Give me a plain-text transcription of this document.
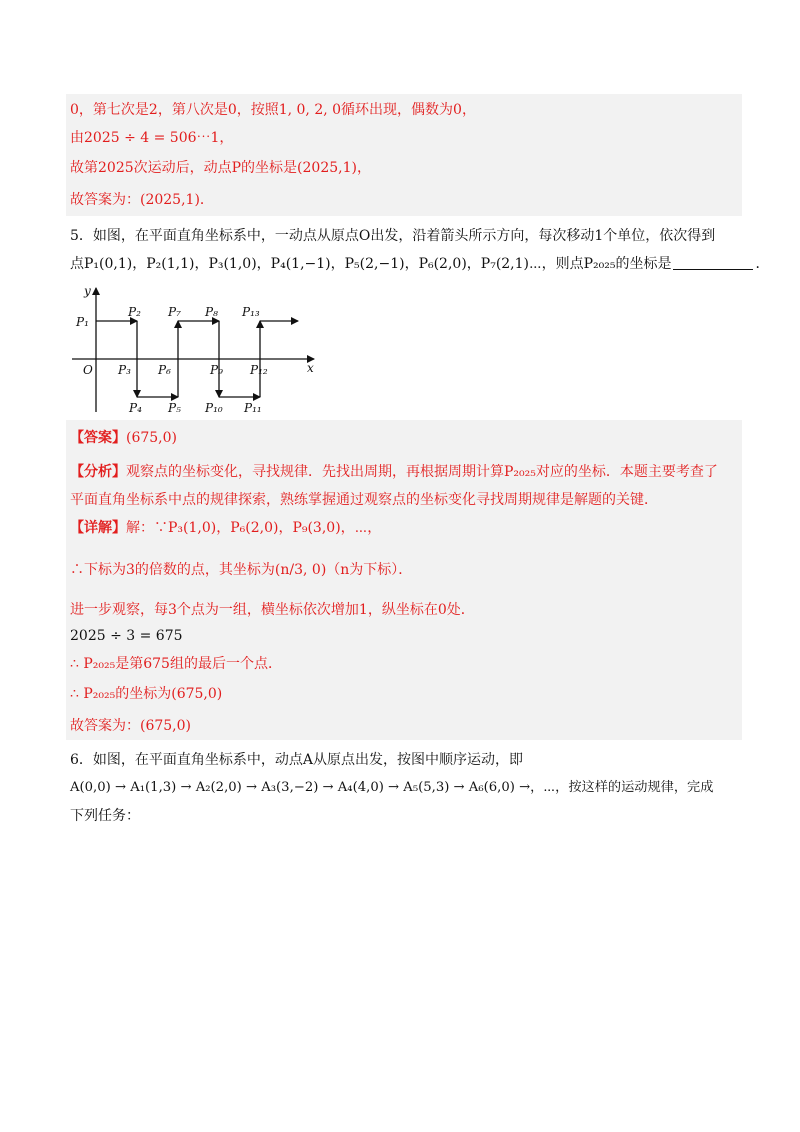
0，第七次是2，第八次是0，按照1, 0, 2, 0循环出现，偶数为0，
由2025 ÷ 4 = 506⋯1，
故第2025次运动后，动点P的坐标是(2025,1)，
故答案为：(2025,1)．
5．如图，在平面直角坐标系中，一动点从原点O出发，沿着箭头所示方向，每次移动1个单位，依次得到
点P₁(0,1)，P₂(1,1)，P₃(1,0)，P₄(1,−1)，P₅(2,−1)，P₆(2,0)，P₇(2,1)⋯，则点P₂₀₂₅的坐标是	．
y
x
O
P₁
P₂
P₃
P₄ P₅
P₆
P₇ P₈
P₉
P₁₀ P₁₁
P₁₂
P₁₃
【答案】(675,0)
【分析】观察点的坐标变化，寻找规律．先找出周期，再根据周期计算P₂₀₂₅对应的坐标．本题主要考查了
平面直角坐标系中点的规律探索，熟练掌握通过观察点的坐标变化寻找周期规律是解题的关键．
【详解】解：∵P₃(1,0)，P₆(2,0)，P₉(3,0)，⋯，
∴下标为3的倍数的点，其坐标为(n/3, 0)（n为下标）．
进一步观察，每3个点为一组，横坐标依次增加1，纵坐标在0处．
2025 ÷ 3 = 675
∴ P₂₀₂₅是第675组的最后一个点．
∴ P₂₀₂₅的坐标为(675,0)
故答案为：(675,0)
6．如图，在平面直角坐标系中，动点A从原点出发，按图中顺序运动，即
A(0,0) → A₁(1,3) → A₂(2,0) → A₃(3,−2) → A₄(4,0) → A₅(5,3) → A₆(6,0) →，⋯，按这样的运动规律，完成
下列任务：
